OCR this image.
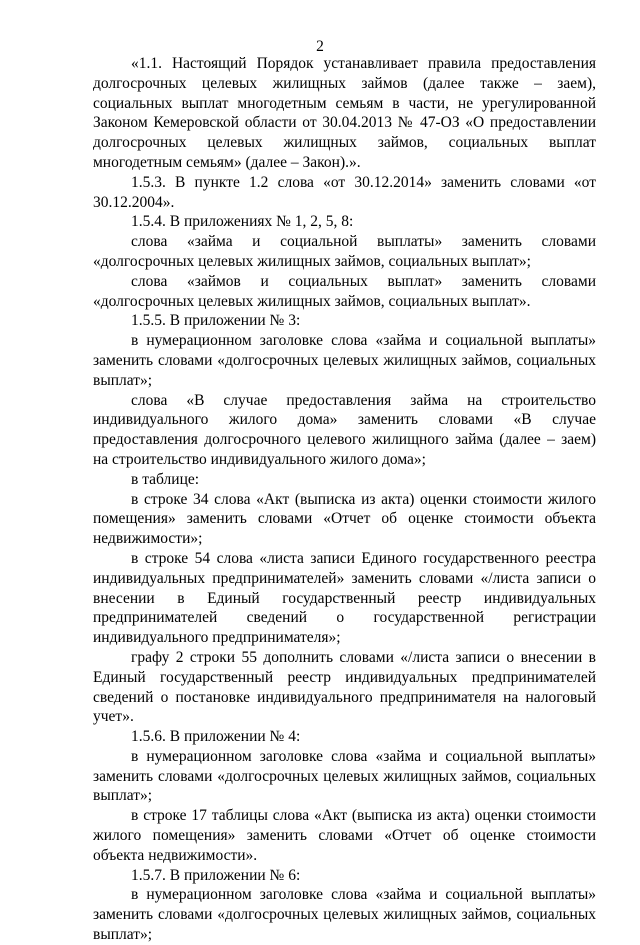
2

«1.1. Настоящий Порядок устанавливает правила предоставления долгосрочных целевых жилищных займов (далее также – заем), социальных выплат многодетным семьям в части, не урегулированной Законом Кемеровской области от 30.04.2013 № 47-ОЗ «О предоставлении долгосрочных целевых жилищных займов, социальных выплат многодетным семьям» (далее – Закон).».

1.5.3. В пункте 1.2 слова «от 30.12.2014» заменить словами «от 30.12.2004».

1.5.4. В приложениях № 1, 2, 5, 8:

слова «займа и социальной выплаты» заменить словами «долгосрочных целевых жилищных займов, социальных выплат»;

слова «займов и социальных выплат» заменить словами «долгосрочных целевых жилищных займов, социальных выплат».

1.5.5. В приложении № 3:

в нумерационном заголовке слова «займа и социальной выплаты» заменить словами «долгосрочных целевых жилищных займов, социальных выплат»;

слова «В случае предоставления займа на строительство индивидуального жилого дома» заменить словами «В случае предоставления долгосрочного целевого жилищного займа (далее – заем) на строительство индивидуального жилого дома»;

в таблице:

в строке 34 слова «Акт (выписка из акта) оценки стоимости жилого помещения» заменить словами «Отчет об оценке стоимости объекта недвижимости»;

в строке 54 слова «листа записи Единого государственного реестра индивидуальных предпринимателей» заменить словами «/листа записи о внесении в Единый государственный реестр индивидуальных предпринимателей сведений о государственной регистрации индивидуального предпринимателя»;

графу 2 строки 55 дополнить словами «/листа записи о внесении в Единый государственный реестр индивидуальных предпринимателей сведений о постановке индивидуального предпринимателя на налоговый учет».

1.5.6. В приложении № 4:

в нумерационном заголовке слова «займа и социальной выплаты» заменить словами «долгосрочных целевых жилищных займов, социальных выплат»;

в строке 17 таблицы слова «Акт (выписка из акта) оценки стоимости жилого помещения» заменить словами «Отчет об оценке стоимости объекта недвижимости».

1.5.7. В приложении № 6:

в нумерационном заголовке слова «займа и социальной выплаты» заменить словами «долгосрочных целевых жилищных займов, социальных выплат»;
